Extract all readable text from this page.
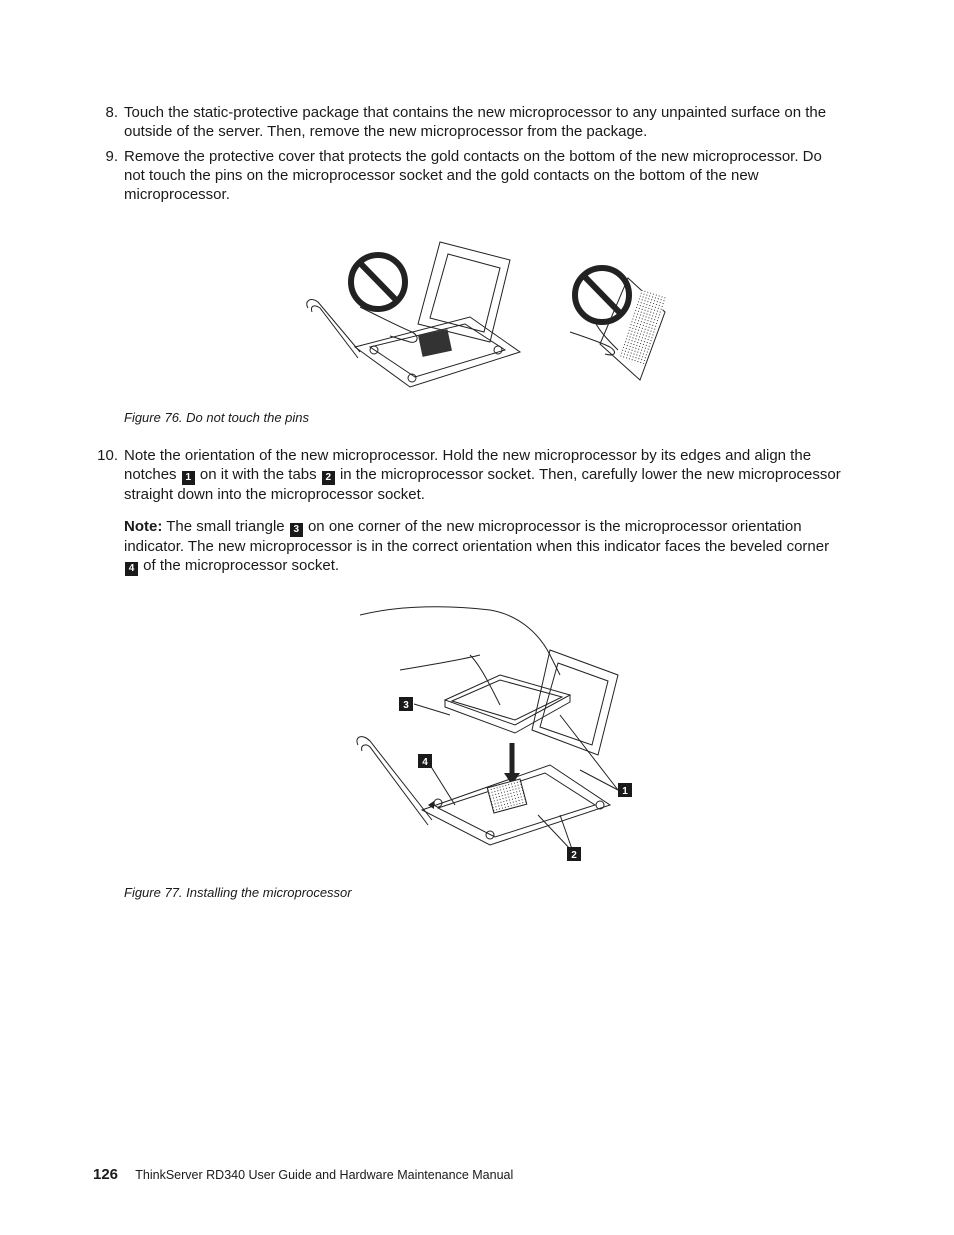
8. Touch the static-protective package that contains the new microprocessor to any unpainted surface on the outside of the server. Then, remove the new microprocessor from the package.
9. Remove the protective cover that protects the gold contacts on the bottom of the new microprocessor. Do not touch the pins on the microprocessor socket and the gold contacts on the bottom of the new microprocessor.
Figure 76. Do not touch the pins
10. Note the orientation of the new microprocessor. Hold the new microprocessor by its edges and align the notches 1 on it with the tabs 2 in the microprocessor socket. Then, carefully lower the new microprocessor straight down into the microprocessor socket.
Note: The small triangle 3 on one corner of the new microprocessor is the microprocessor orientation indicator. The new microprocessor is in the correct orientation when this indicator faces the beveled corner 4 of the microprocessor socket.
3
4
1
2
Figure 77. Installing the microprocessor
126 ThinkServer RD340 User Guide and Hardware Maintenance Manual
